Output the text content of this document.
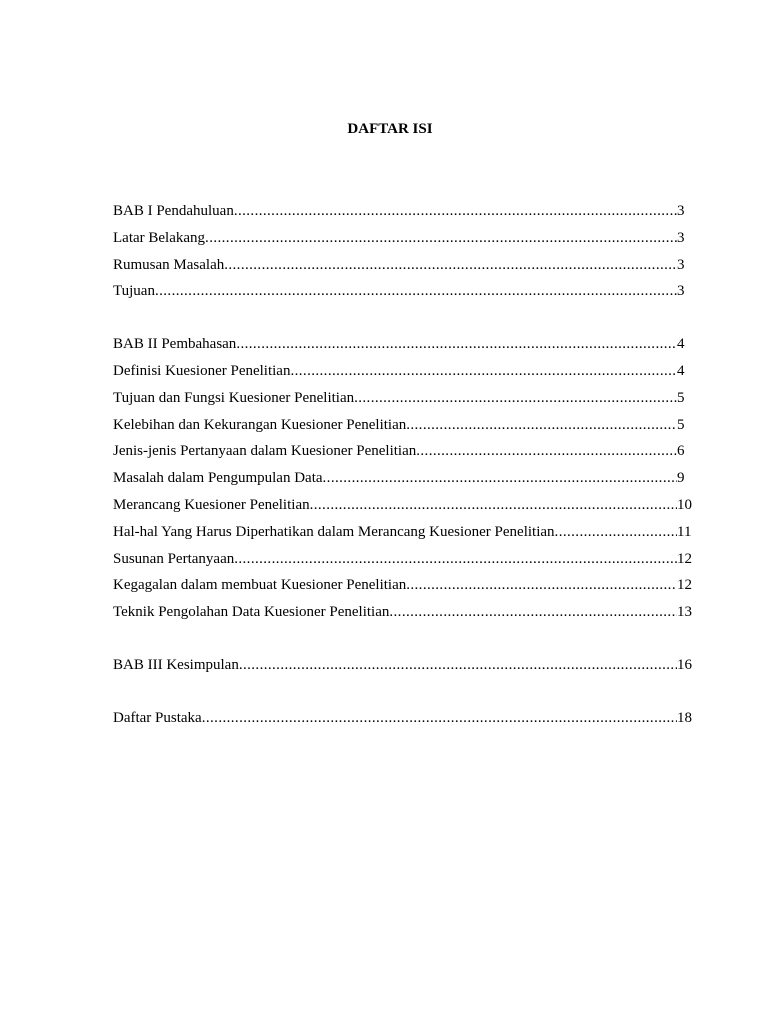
DAFTAR ISI
BAB I Pendahuluan .....	3
Latar Belakang .....	3
Rumusan Masalah .....	3
Tujuan .....	3
BAB II Pembahasan .....	4
Definisi Kuesioner Penelitian .....	4
Tujuan dan Fungsi Kuesioner Penelitian .....	5
Kelebihan dan Kekurangan Kuesioner Penelitian .....	5
Jenis-jenis Pertanyaan dalam Kuesioner Penelitian .....	6
Masalah dalam Pengumpulan Data .....	9
Merancang Kuesioner Penelitian .....	10
Hal-hal Yang Harus Diperhatikan dalam Merancang Kuesioner Penelitian .....	11
Susunan Pertanyaan .....	12
Kegagalan dalam membuat Kuesioner Penelitian .....	12
Teknik Pengolahan Data Kuesioner Penelitian .....	13
BAB III Kesimpulan .....	16
Daftar Pustaka .....	18
